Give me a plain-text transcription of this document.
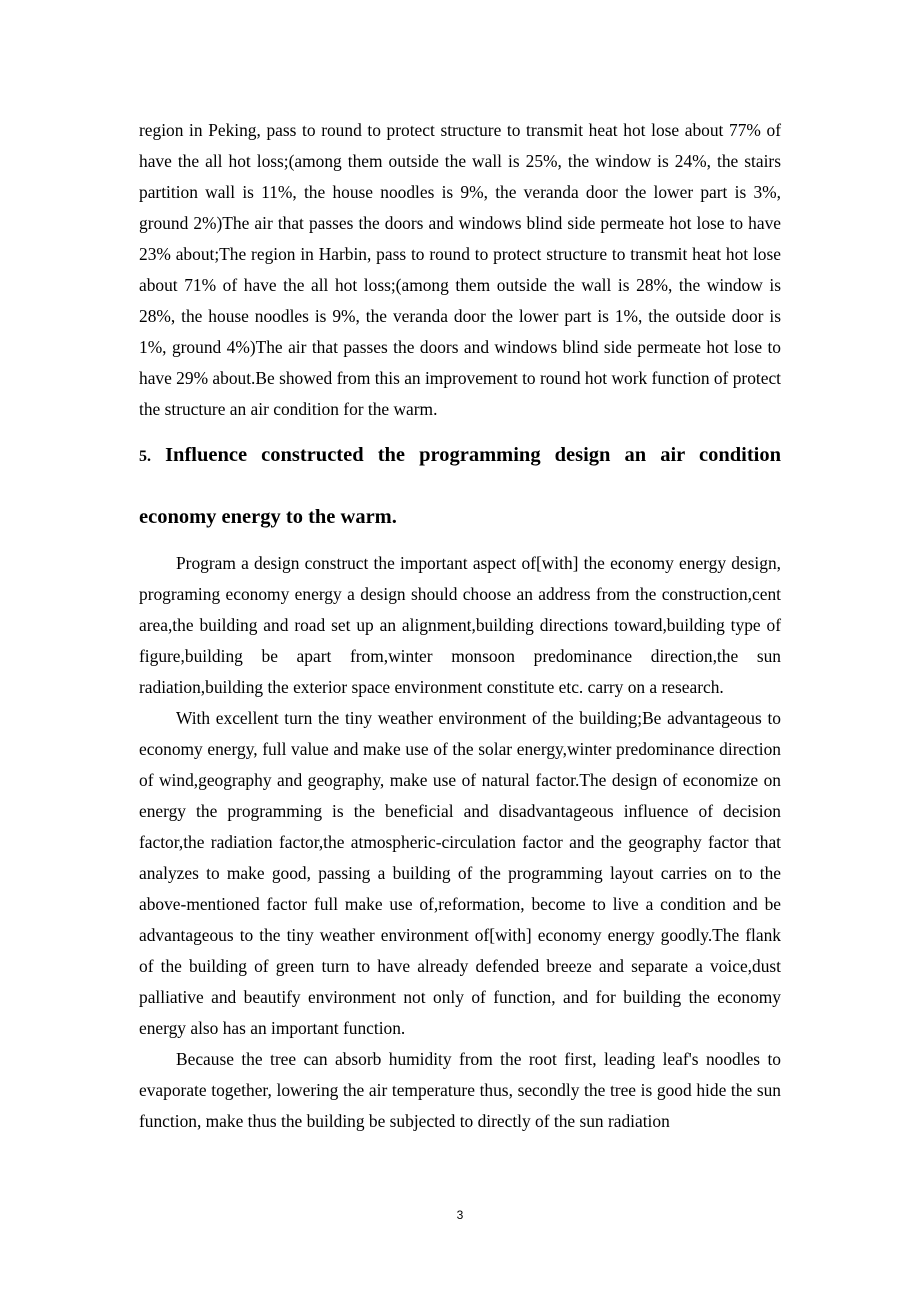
region in Peking, pass to round to protect structure to transmit heat hot lose about 77% of have the all hot loss;(among them outside the wall is 25%, the window is 24%, the stairs partition wall is 11%, the house noodles is 9%, the veranda door the lower part is 3%, ground 2%)The air that passes the doors and windows blind side permeate hot lose to have 23% about;The region in Harbin, pass to round to protect structure to transmit heat hot lose about 71% of have the all hot loss;(among them outside the wall is 28%, the window is 28%, the house noodles is 9%, the veranda door the lower part is 1%, the outside door is 1%, ground 4%)The air that passes the doors and windows blind side permeate hot lose to have 29% about.Be showed from this an improvement to round hot work function of protect the structure an air condition for the warm.

5. Influence constructed the programming design an air condition economy energy to the warm.

Program a design construct the important aspect of[with] the economy energy design, programing economy energy a design should choose an address from the construction,cent area,the building and road set up an alignment,building directions toward,building type of figure,building be apart from,winter monsoon predominance direction,the sun radiation,building the exterior space environment constitute etc. carry on a research.

With excellent turn the tiny weather environment of the building;Be advantageous to economy energy, full value and make use of the solar energy,winter predominance direction of wind,geography and geography, make use of natural factor.The design of economize on energy the programming is the beneficial and disadvantageous influence of decision factor,the radiation factor,the atmospheric-circulation factor and the geography factor that analyzes to make good, passing a building of the programming layout carries on to the above-mentioned factor full make use of,reformation, become to live a condition and be advantageous to the tiny weather environment of[with] economy energy goodly.The flank of the building of green turn to have already defended breeze and separate a voice,dust palliative and beautify environment not only of function, and for building the economy energy also has an important function.

Because the tree can absorb humidity from the root first, leading leaf's noodles to evaporate together, lowering the air temperature thus, secondly the tree is good hide the sun function, make thus the building be subjected to directly of the sun radiation

3
